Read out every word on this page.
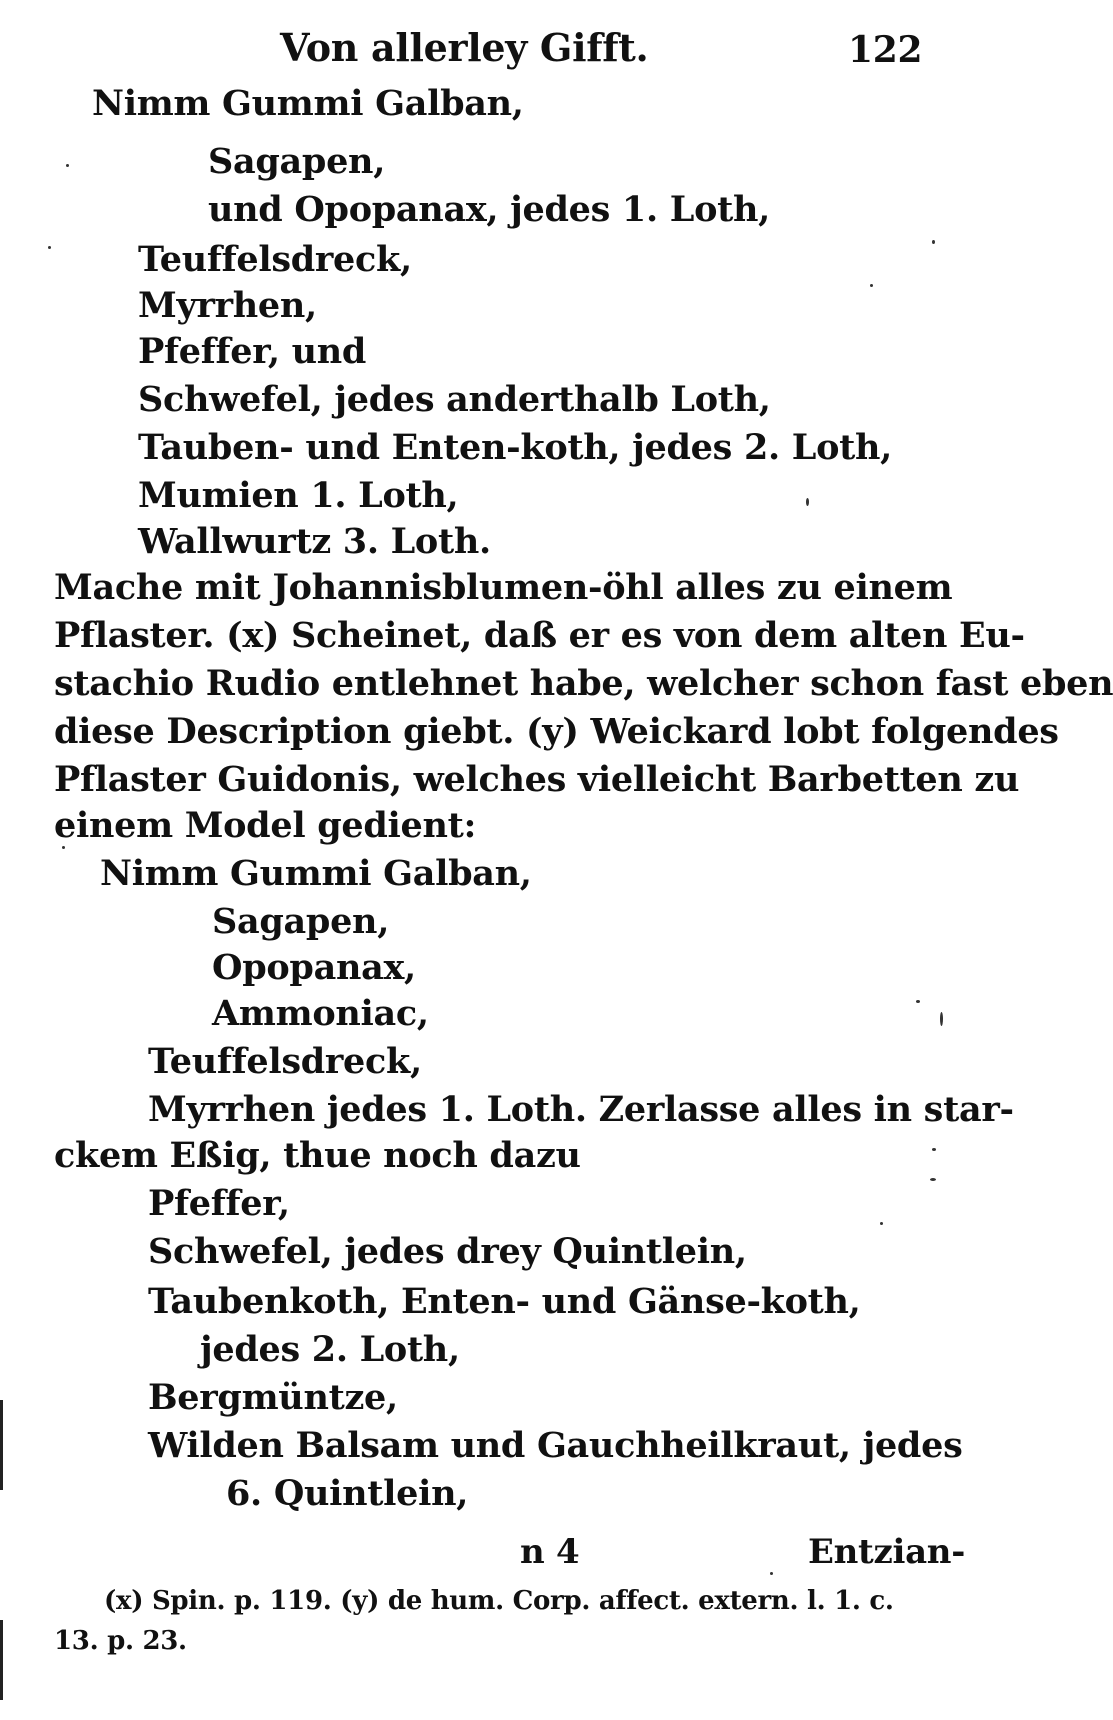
Von allerley Gifft.	122
Nimm Gummi Galban,
Sagapen,
und Opopanax, jedes 1. Loth,
Teuffelsdreck,
Myrrhen,
Pfeffer, und
Schwefel, jedes anderthalb Loth,
Tauben- und Enten-koth, jedes 2. Loth,
Mumien 1. Loth,
Wallwurtz 3. Loth.
Mache mit Johannisblumen-öhl alles zu einem
Pflaster. (x) Scheinet, daß er es von dem alten Eu-
stachio Rudio entlehnet habe, welcher schon fast eben
diese Description giebt. (y) Weickard lobt folgendes
Pflaster Guidonis, welches vielleicht Barbetten zu
einem Model gedient:
Nimm Gummi Galban,
Sagapen,
Opopanax,
Ammoniac,
Teuffelsdreck,
Myrrhen jedes 1. Loth. Zerlasse alles in star-
ckem Eßig, thue noch dazu
Pfeffer,
Schwefel, jedes drey Quintlein,
Taubenkoth, Enten- und Gänse-koth,
jedes 2. Loth,
Bergmüntze,
Wilden Balsam und Gauchheilkraut, jedes
6. Quintlein,
n 4	Entzian-
(x) Spin. p. 119. (y) de hum. Corp. affect. extern. l. 1. c.
13. p. 23.
